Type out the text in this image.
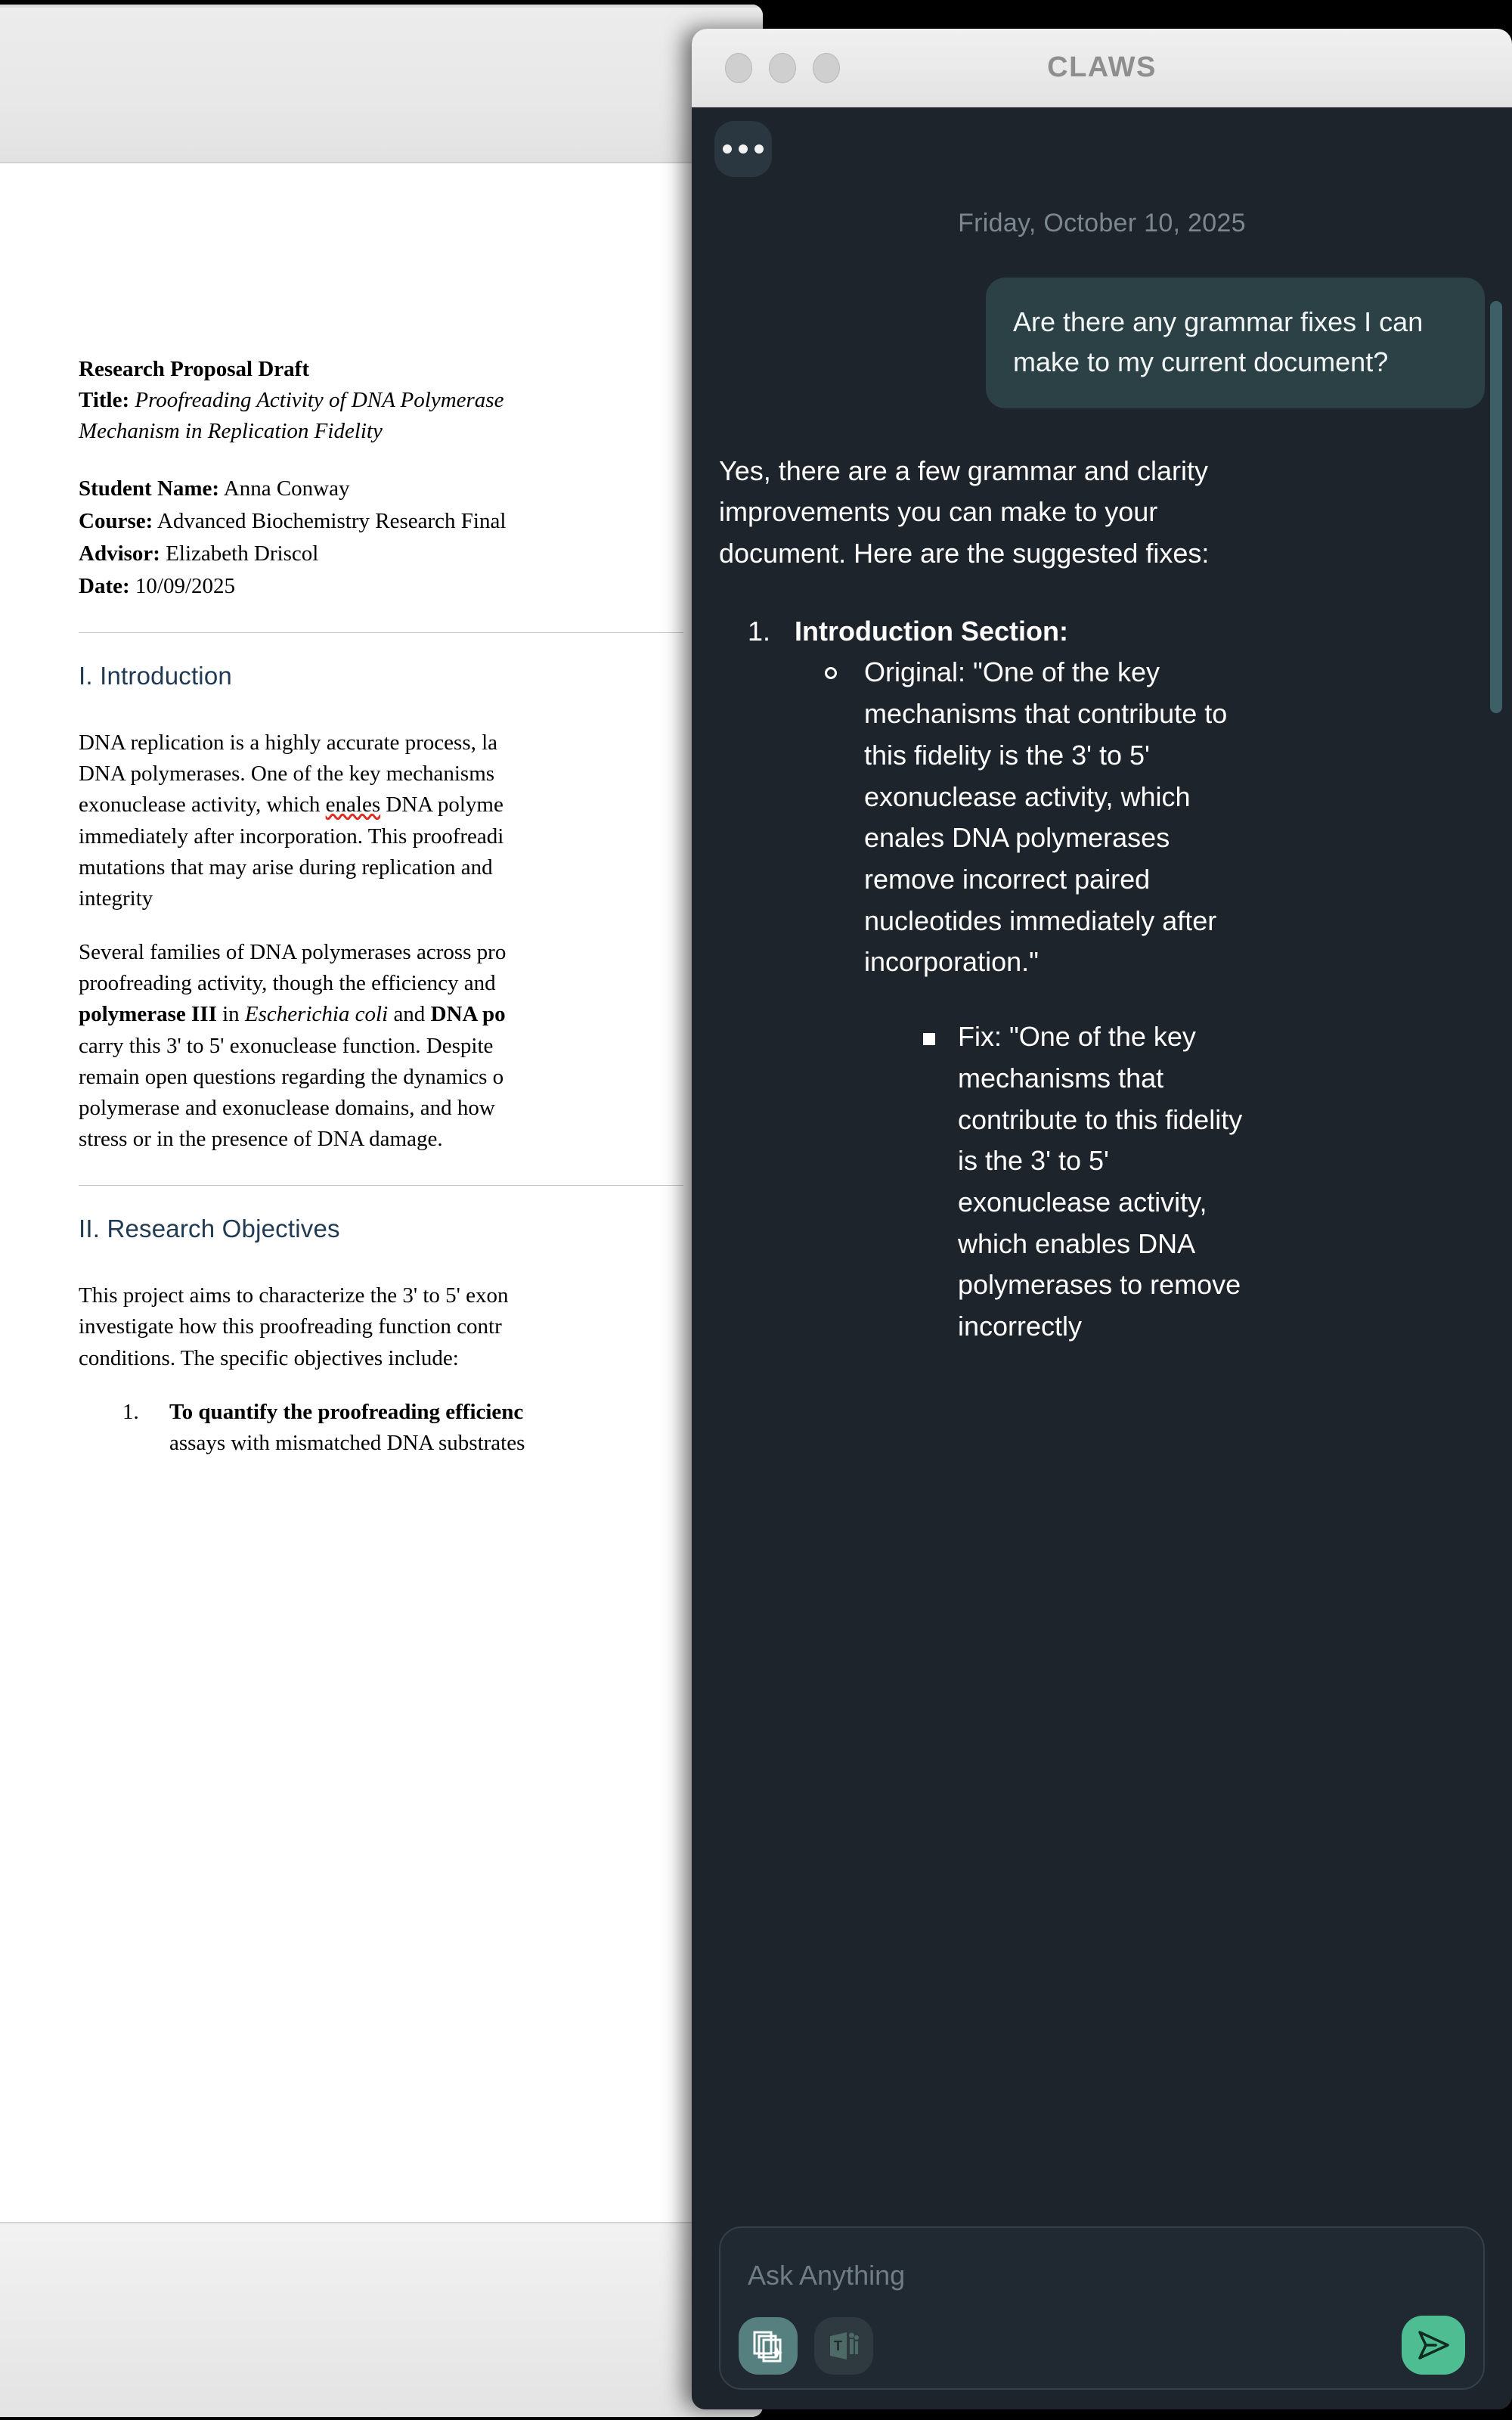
Research Proposal Draft
Title: Proofreading Activity of DNA Polymerase
Mechanism in Replication Fidelity
Student Name: Anna Conway
Course: Advanced Biochemistry Research Final
Advisor: Elizabeth Driscol
Date: 10/09/2025
I. Introduction
DNA replication is a highly accurate process, la
DNA polymerases. One of the key mechanisms
exonuclease activity, which enales DNA polyme
immediately after incorporation. This proofreadi
mutations that may arise during replication and
integrity
Several families of DNA polymerases across pro
proofreading activity, though the efficiency and
polymerase III in Escherichia coli and DNA po
carry this 3' to 5' exonuclease function. Despite
remain open questions regarding the dynamics o
polymerase and exonuclease domains, and how
stress or in the presence of DNA damage.
II. Research Objectives
This project aims to characterize the 3' to 5' exon
investigate how this proofreading function contr
conditions. The specific objectives include:
1. To quantify the proofreading efficienc
assays with mismatched DNA substrates
CLAWS
Friday, October 10, 2025
Are there any grammar fixes I can make to my current document?
Yes, there are a few grammar and clarity improvements you can make to your document. Here are the suggested fixes:
1. Introduction Section:
Original: "One of the key mechanisms that contribute to this fidelity is the 3' to 5' exonuclease activity, which enales DNA polymerases remove incorrect paired nucleotides immediately after incorporation."
Fix: "One of the key mechanisms that contribute to this fidelity is the 3' to 5' exonuclease activity, which enables DNA polymerases to remove incorrectly
Ask Anything
T
